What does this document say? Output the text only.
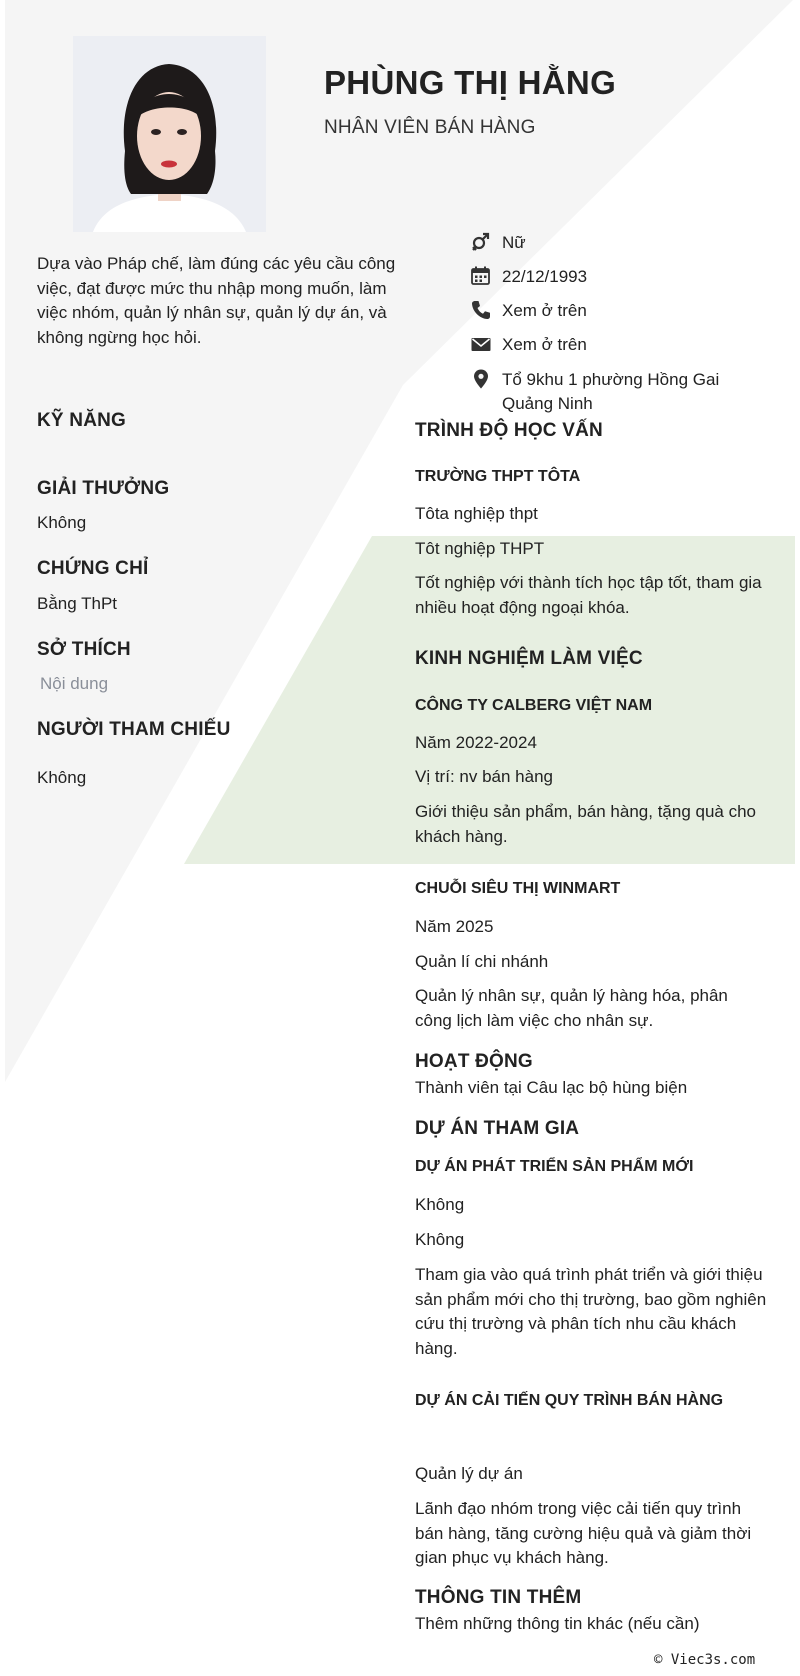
PHÙNG THỊ HẰNG
NHÂN VIÊN BÁN HÀNG
Dựa vào Pháp chế, làm đúng các yêu cầu công việc, đạt được mức thu nhập mong muốn, làm việc nhóm, quản lý nhân sự, quản lý dự án, và không ngừng học hỏi.
Nữ
22/12/1993
Xem ở trên
Xem ở trên
Tổ 9khu 1 phường Hồng Gai Quảng Ninh
KỸ NĂNG
GIẢI THƯỞNG
Không
CHỨNG CHỈ
Bằng ThPt
SỞ THÍCH
Nội dung
NGƯỜI THAM CHIẾU
Không
TRÌNH ĐỘ HỌC VẤN
TRƯỜNG THPT TÔTA
Tôta nghiệp thpt
Tôt nghiệp THPT
Tốt nghiệp với thành tích học tập tốt, tham gia nhiều hoạt động ngoại khóa.
KINH NGHIỆM LÀM VIỆC
CÔNG TY CALBERG VIỆT NAM
Năm 2022-2024
Vị trí: nv bán hàng
Giới thiệu sản phẩm, bán hàng, tặng quà cho khách hàng.
CHUỖI SIÊU THỊ WINMART
Năm 2025
Quản lí chi nhánh
Quản lý nhân sự, quản lý hàng hóa, phân công lịch làm việc cho nhân sự.
HOẠT ĐỘNG
Thành viên tại Câu lạc bộ hùng biện
DỰ ÁN THAM GIA
DỰ ÁN PHÁT TRIỂN SẢN PHẨM MỚI
Không
Không
Tham gia vào quá trình phát triển và giới thiệu sản phẩm mới cho thị trường, bao gồm nghiên cứu thị trường và phân tích nhu cầu khách hàng.
DỰ ÁN CẢI TIẾN QUY TRÌNH BÁN HÀNG
Quản lý dự án
Lãnh đạo nhóm trong việc cải tiến quy trình bán hàng, tăng cường hiệu quả và giảm thời gian phục vụ khách hàng.
THÔNG TIN THÊM
Thêm những thông tin khác (nếu cần)
© Viec3s.com
